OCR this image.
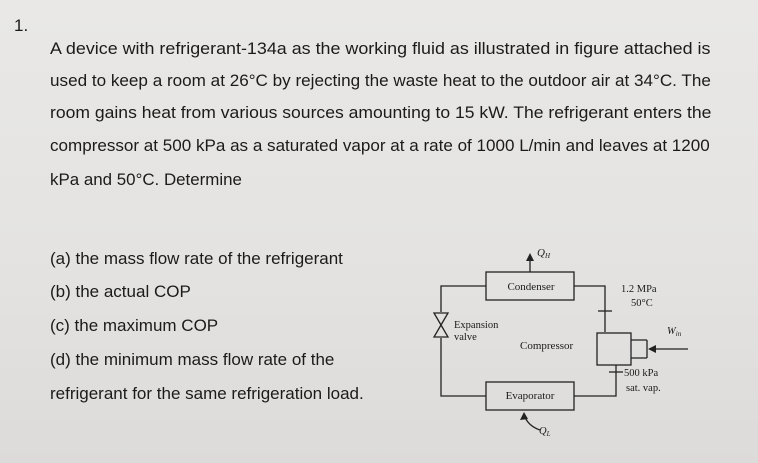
1.
A device with refrigerant-134a as the working fluid as illustrated in figure attached is
used to keep a room at 26°C by rejecting the waste heat to the outdoor air at 34°C. The
room gains heat from various sources amounting to 15 kW. The refrigerant enters the
compressor at 500 kPa as a saturated vapor at a rate of 1000 L/min and leaves at 1200
kPa and 50°C. Determine
(a) the mass flow rate of the refrigerant
(b) the actual COP
(c) the maximum COP
(d) the minimum mass flow rate of the
refrigerant for the same refrigeration load.
QH
Condenser
Evaporator
Compressor
Expansion
valve
QL
1.2 MPa
50°C
Win
500 kPa
sat. vap.
